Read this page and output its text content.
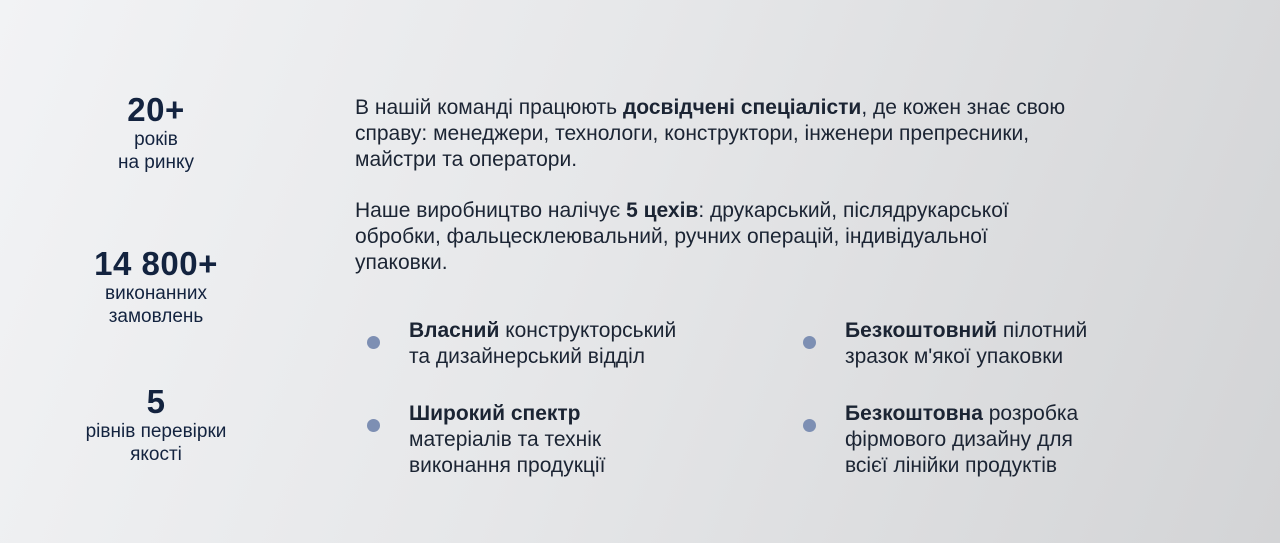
20+
років
на ринку
14 800+
виконанних
замовлень
5
рівнів перевірки
якості
В нашій команді працюють досвідчені спеціалісти, де кожен знає свою
справу: менеджери, технологи, конструктори, інженери препресники,
майстри та оператори.
Наше виробництво налічує 5 цехів: друкарський, післядрукарської
обробки, фальцесклеювальний, ручних операцій, індивідуальної
упаковки.
Власний конструкторський
та дизайнерський відділ
Безкоштовний пілотний
зразок м'якої упаковки
Широкий спектр
матеріалів та технік
виконання продукції
Безкоштовна розробка
фірмового дизайну для
всієї лінійки продуктів
